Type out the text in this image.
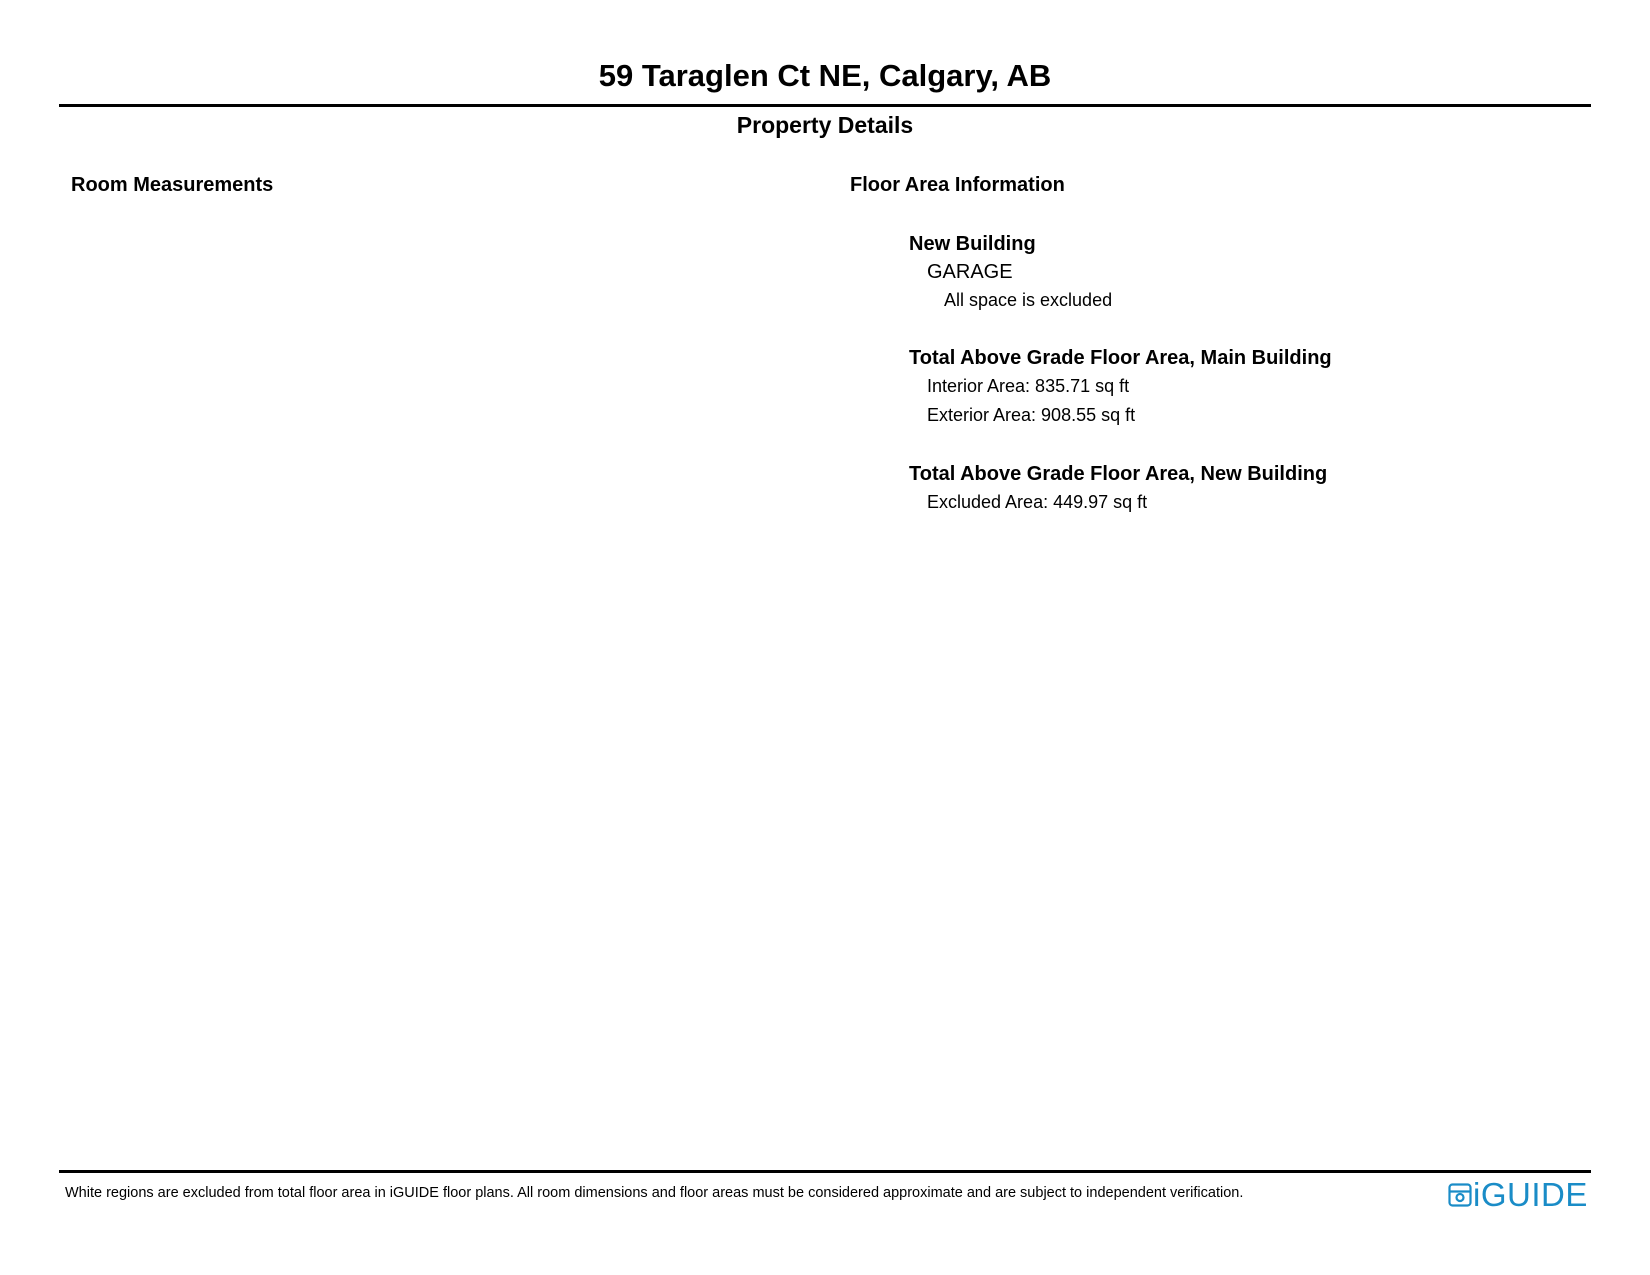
59 Taraglen Ct NE, Calgary, AB
Property Details
Room Measurements	Floor Area Information
New Building
GARAGE
All space is excluded
Total Above Grade Floor Area, Main Building
Interior Area: 835.71 sq ft
Exterior Area: 908.55 sq ft
Total Above Grade Floor Area, New Building
Excluded Area: 449.97 sq ft
White regions are excluded from total floor area in iGUIDE floor plans. All room dimensions and floor areas must be considered approximate and are subject to independent verification.	iGUIDE
